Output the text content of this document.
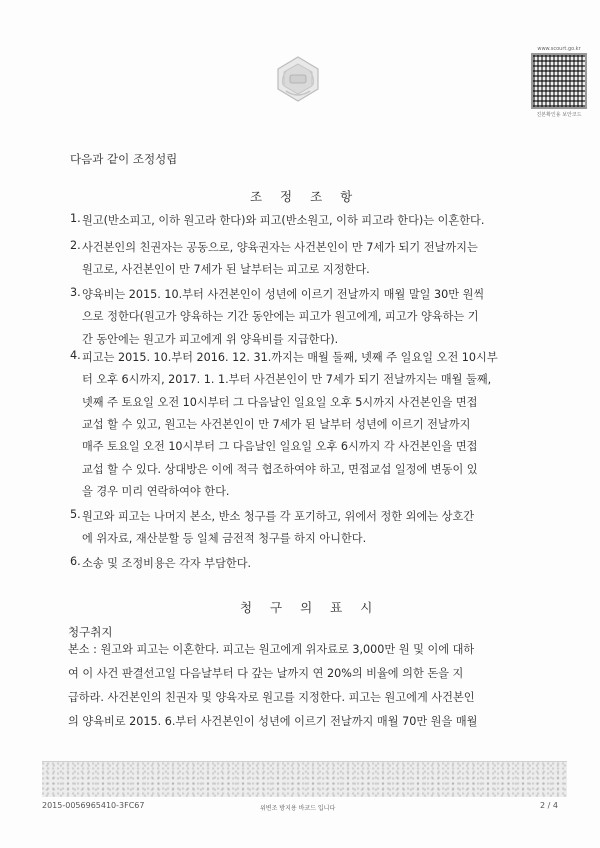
www.scourt.go.kr
진본확인용 보안코드
다음과 같이 조정성립
조 정 조 항
1. 원고(반소피고, 이하 원고라 한다)와 피고(반소원고, 이하 피고라 한다)는 이혼한다.
2. 사건본인의 친권자는 공동으로, 양육권자는 사건본인이 만 7세가 되기 전날까지는
원고로, 사건본인이 만 7세가 된 날부터는 피고로 지정한다.
3. 양육비는 2015. 10.부터 사건본인이 성년에 이르기 전날까지 매월 말일 30만 원씩
으로 정한다(원고가 양육하는 기간 동안에는 피고가 원고에게, 피고가 양육하는 기
간 동안에는 원고가 피고에게 위 양육비를 지급한다).
4. 피고는 2015. 10.부터 2016. 12. 31.까지는 매월 둘째, 넷째 주 일요일 오전 10시부
터 오후 6시까지, 2017. 1. 1.부터 사건본인이 만 7세가 되기 전날까지는 매월 둘째,
넷째 주 토요일 오전 10시부터 그 다음날인 일요일 오후 5시까지 사건본인을 면접
교섭 할 수 있고, 원고는 사건본인이 만 7세가 된 날부터 성년에 이르기 전날까지
매주 토요일 오전 10시부터 그 다음날인 일요일 오후 6시까지 각 사건본인을 면접
교섭 할 수 있다. 상대방은 이에 적극 협조하여야 하고, 면접교섭 일정에 변동이 있
을 경우 미리 연락하여야 한다.
5. 원고와 피고는 나머지 본소, 반소 청구를 각 포기하고, 위에서 정한 외에는 상호간
에 위자료, 재산분할 등 일체 금전적 청구를 하지 아니한다.
6. 소송 및 조정비용은 각자 부담한다.
청 구 의 표 시
청구취지
본소 : 원고와 피고는 이혼한다. 피고는 원고에게 위자료로 3,000만 원 및 이에 대하
여 이 사건 판결선고일 다음날부터 다 갚는 날까지 연 20%의 비율에 의한 돈을 지
급하라. 사건본인의 친권자 및 양육자로 원고를 지정한다. 피고는 원고에게 사건본인
의 양육비로 2015. 6.부터 사건본인이 성년에 이르기 전날까지 매월 70만 원을 매월
2015-0056965410-3FC67	위변조 방지용 바코드 입니다	2 / 4
